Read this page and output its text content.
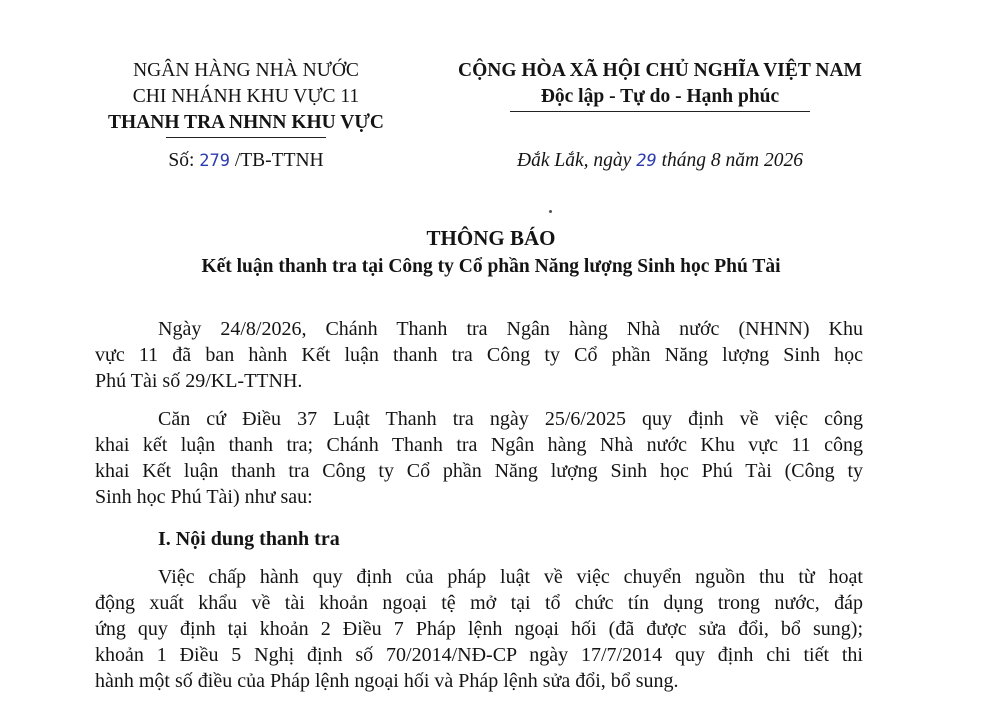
NGÂN HÀNG NHÀ NƯỚC
CHI NHÁNH KHU VỰC 11
THANH TRA NHNN KHU VỰC
CỘNG HÒA XÃ HỘI CHỦ NGHĨA VIỆT NAM
Độc lập - Tự do - Hạnh phúc
Số: 279 /TB-TTNH	Đắk Lắk, ngày 29 tháng 8 năm 2026
THÔNG BÁO
Kết luận thanh tra tại Công ty Cổ phần Năng lượng Sinh học Phú Tài
Ngày 24/8/2026, Chánh Thanh tra Ngân hàng Nhà nước (NHNN) Khu
vực 11 đã ban hành Kết luận thanh tra Công ty Cổ phần Năng lượng Sinh học
Phú Tài số 29/KL-TTNH.
Căn cứ Điều 37 Luật Thanh tra ngày 25/6/2025 quy định về việc công
khai kết luận thanh tra; Chánh Thanh tra Ngân hàng Nhà nước Khu vực 11 công
khai Kết luận thanh tra Công ty Cổ phần Năng lượng Sinh học Phú Tài (Công ty
Sinh học Phú Tài) như sau:
I. Nội dung thanh tra
Việc chấp hành quy định của pháp luật về việc chuyển nguồn thu từ hoạt
động xuất khẩu về tài khoản ngoại tệ mở tại tổ chức tín dụng trong nước, đáp
ứng quy định tại khoản 2 Điều 7 Pháp lệnh ngoại hối (đã được sửa đổi, bổ sung);
khoản 1 Điều 5 Nghị định số 70/2014/NĐ-CP ngày 17/7/2014 quy định chi tiết thi
hành một số điều của Pháp lệnh ngoại hối và Pháp lệnh sửa đổi, bổ sung.
